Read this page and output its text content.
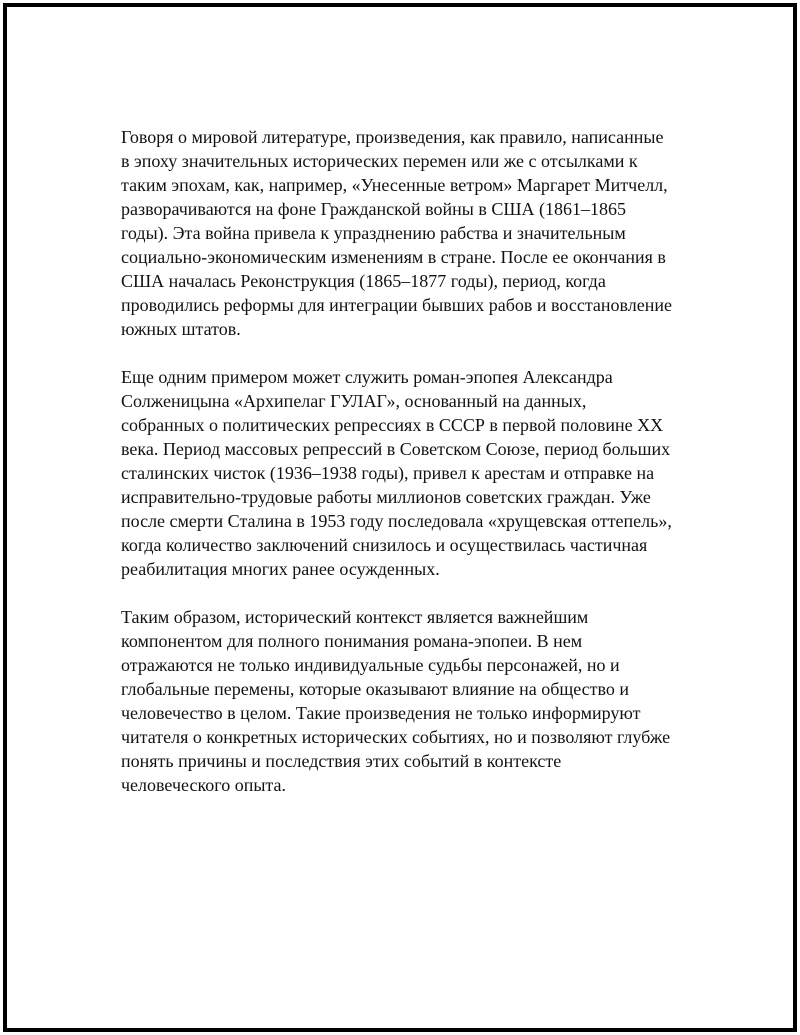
Говоря о мировой литературе, произведения, как правило, написанные
в эпоху значительных исторических перемен или же с отсылками к
таким эпохам, как, например, «Унесенные ветром» Маргарет Митчелл,
разворачиваются на фоне Гражданской войны в США (1861–1865
годы). Эта война привела к упразднению рабства и значительным
социально-экономическим изменениям в стране. После ее окончания в
США началась Реконструкция (1865–1877 годы), период, когда
проводились реформы для интеграции бывших рабов и восстановление
южных штатов.
Еще одним примером может служить роман-эпопея Александра
Солженицына «Архипелаг ГУЛАГ», основанный на данных,
собранных о политических репрессиях в СССР в первой половине XX
века. Период массовых репрессий в Советском Союзе, период больших
сталинских чисток (1936–1938 годы), привел к арестам и отправке на
исправительно-трудовые работы миллионов советских граждан. Уже
после смерти Сталина в 1953 году последовала «хрущевская оттепель»,
когда количество заключений снизилось и осуществилась частичная
реабилитация многих ранее осужденных.
Таким образом, исторический контекст является важнейшим
компонентом для полного понимания романа-эпопеи. В нем
отражаются не только индивидуальные судьбы персонажей, но и
глобальные перемены, которые оказывают влияние на общество и
человечество в целом. Такие произведения не только информируют
читателя о конкретных исторических событиях, но и позволяют глубже
понять причины и последствия этих событий в контексте
человеческого опыта.
